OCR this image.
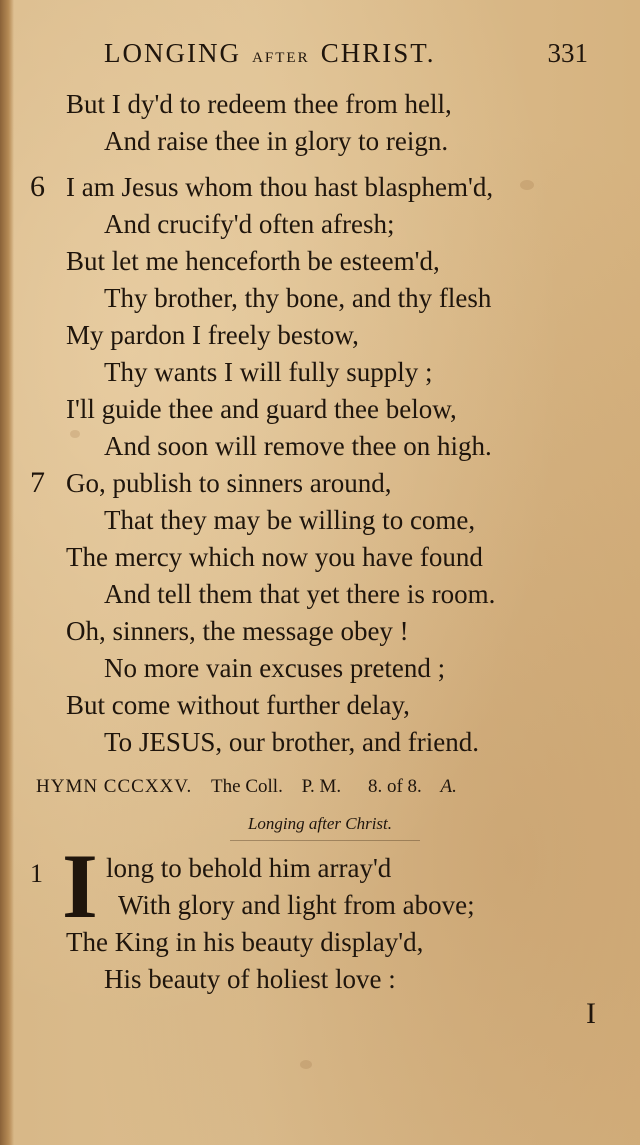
LONGING AFTER CHRIST.	331
But I dy'd to redeem thee from hell,
And raise thee in glory to reign.
6 I am Jesus whom thou hast blasphem'd,
And crucify'd often afresh;
But let me henceforth be esteem'd,
Thy brother, thy bone, and thy flesh
My pardon I freely bestow,
Thy wants I will fully supply ;
I'll guide thee and guard thee below,
And soon will remove thee on high.
7 Go, publish to sinners around,
That they may be willing to come,
The mercy which now you have found
And tell them that yet there is room.
Oh, sinners, the message obey !
No more vain excuses pretend ;
But come without further delay,
To JESUS, our brother, and friend.
HYMN CCCXXV. The Coll. P. M. 8. of 8. A.
Longing after Christ.
1 I long to behold him array'd
With glory and light from above;
The King in his beauty display'd,
His beauty of holiest love :
I
